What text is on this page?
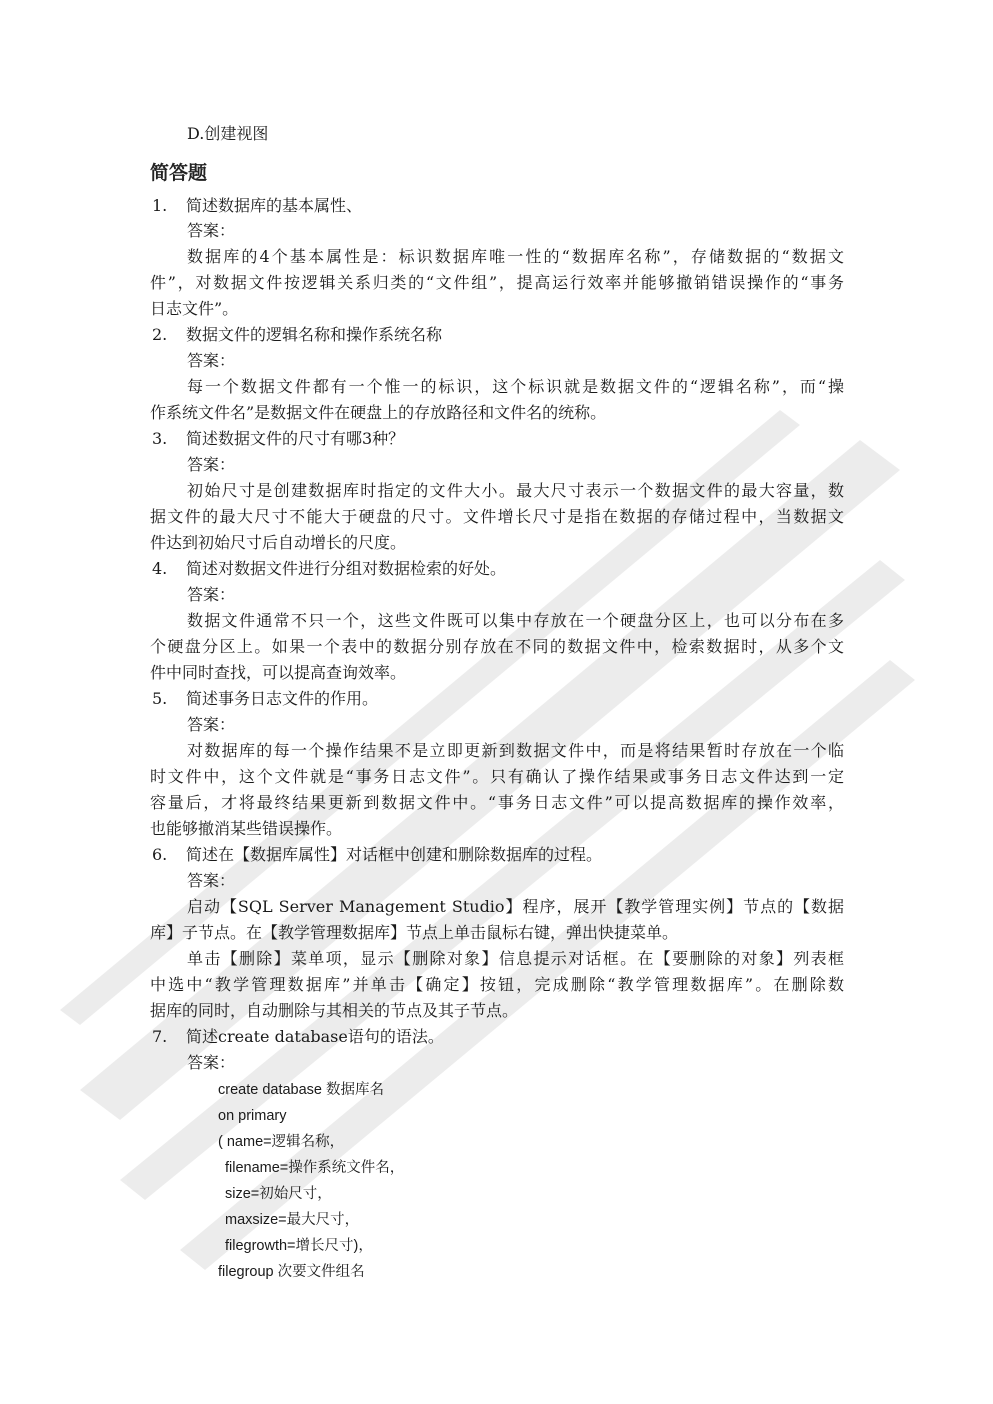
D.创建视图
简答题
1. 简述数据库的基本属性、
答案：
数据库的4个基本属性是：标识数据库唯一性的“数据库名称”，存储数据的“数据文
件”，对数据文件按逻辑关系归类的“文件组”，提高运行效率并能够撤销错误操作的“事务
日志文件”。
2. 数据文件的逻辑名称和操作系统名称
答案：
每一个数据文件都有一个惟一的标识，这个标识就是数据文件的“逻辑名称”，而“操
作系统文件名”是数据文件在硬盘上的存放路径和文件名的统称。
3. 简述数据文件的尺寸有哪3种？
答案：
初始尺寸是创建数据库时指定的文件大小。最大尺寸表示一个数据文件的最大容量，数
据文件的最大尺寸不能大于硬盘的尺寸。文件增长尺寸是指在数据的存储过程中，当数据文
件达到初始尺寸后自动增长的尺度。
4. 简述对数据文件进行分组对数据检索的好处。
答案：
数据文件通常不只一个，这些文件既可以集中存放在一个硬盘分区上，也可以分布在多
个硬盘分区上。如果一个表中的数据分别存放在不同的数据文件中，检索数据时，从多个文
件中同时查找，可以提高查询效率。
5. 简述事务日志文件的作用。
答案：
对数据库的每一个操作结果不是立即更新到数据文件中，而是将结果暂时存放在一个临
时文件中，这个文件就是“事务日志文件”。只有确认了操作结果或事务日志文件达到一定
容量后，才将最终结果更新到数据文件中。“事务日志文件”可以提高数据库的操作效率，
也能够撤消某些错误操作。
6. 简述在【数据库属性】对话框中创建和删除数据库的过程。
答案：
启动【SQL Server Management Studio】程序，展开【教学管理实例】节点的【数据
库】子节点。在【教学管理数据库】节点上单击鼠标右键，弹出快捷菜单。
单击【删除】菜单项，显示【删除对象】信息提示对话框。在【要删除的对象】列表框
中选中“教学管理数据库”并单击【确定】按钮，完成删除“教学管理数据库”。在删除数
据库的同时，自动删除与其相关的节点及其子节点。
7. 简述create database语句的语法。
答案：
create database 数据库名
on primary
( name=逻辑名称，
filename=操作系统文件名，
size=初始尺寸，
maxsize=最大尺寸，
filegrowth=增长尺寸)，
filegroup 次要文件组名
